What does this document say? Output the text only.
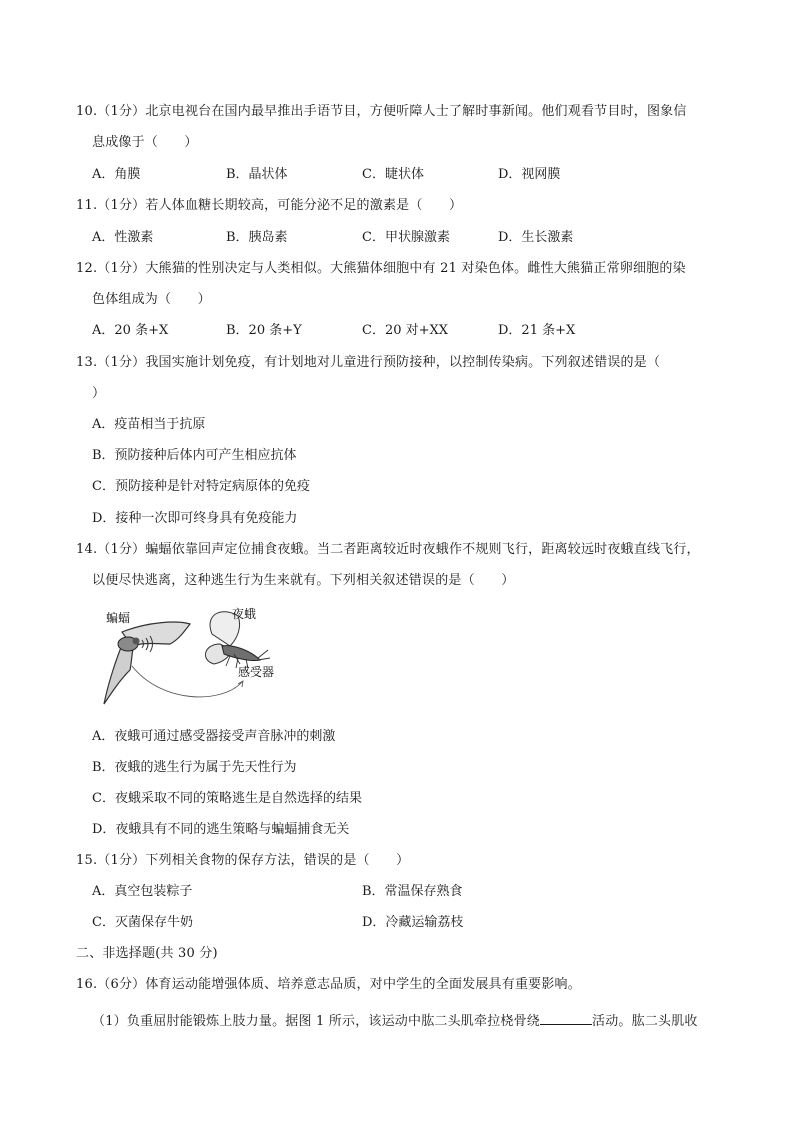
10.（1分）北京电视台在国内最早推出手语节目，方便听障人士了解时事新闻。他们观看节目时，图象信
息成像于（　　）
A．角膜	B．晶状体	C．睫状体	D．视网膜
11.（1分）若人体血糖长期较高，可能分泌不足的激素是（　　）
A．性激素	B．胰岛素	C．甲状腺激素	D．生长激素
12.（1分）大熊猫的性别决定与人类相似。大熊猫体细胞中有 21 对染色体。雌性大熊猫正常卵细胞的染
色体组成为（　　）
A．20 条+X	B．20 条+Y	C．20 对+XX	D．21 条+X
13.（1分）我国实施计划免疫，有计划地对儿童进行预防接种，以控制传染病。下列叙述错误的是（
）
A．疫苗相当于抗原
B．预防接种后体内可产生相应抗体
C．预防接种是针对特定病原体的免疫
D．接种一次即可终身具有免疫能力
14.（1分）蝙蝠依靠回声定位捕食夜蛾。当二者距离较近时夜蛾作不规则飞行，距离较远时夜蛾直线飞行，
以便尽快逃离，这种逃生行为生来就有。下列相关叙述错误的是（　　）
蝙蝠	夜蛾
感受器
A．夜蛾可通过感受器接受声音脉冲的刺激
B．夜蛾的逃生行为属于先天性行为
C．夜蛾采取不同的策略逃生是自然选择的结果
D．夜蛾具有不同的逃生策略与蝙蝠捕食无关
15.（1分）下列相关食物的保存方法，错误的是（　　）
A．真空包装粽子	B．常温保存熟食
C．灭菌保存牛奶	D．冷藏运输荔枝
二、非选择题(共 30 分)
16.（6分）体育运动能增强体质、培养意志品质，对中学生的全面发展具有重要影响。
（1）负重屈肘能锻炼上肢力量。据图 1 所示，该运动中肱二头肌牵拉桡骨绕	活动。肱二头肌收
